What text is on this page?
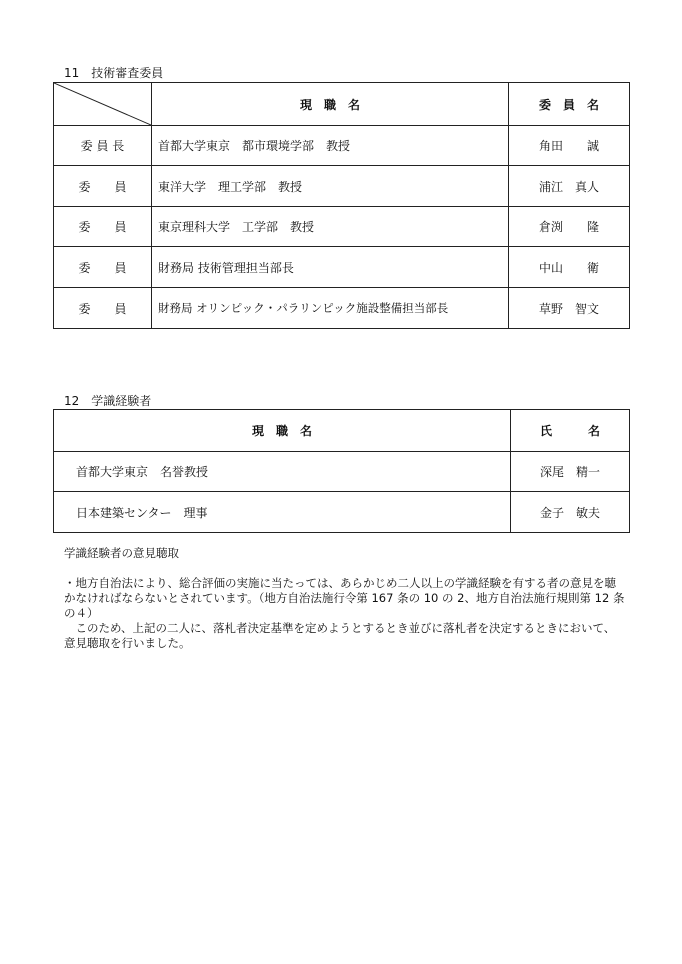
11　技術審査委員
	現　職　名	委　員　名
委 員 長	首都大学東京　都市環境学部　教授	角田　　誠
委　　員	東洋大学　理工学部　教授	浦江　真人
委　　員	東京理科大学　工学部　教授	倉渕　　隆
委　　員	財務局 技術管理担当部長	中山　　衛
委　　員	財務局 オリンピック・パラリンピック施設整備担当部長	草野　智文
12　学識経験者
現　職　名	氏　　　名
首都大学東京　名誉教授	深尾　精一
日本建築センター　理事	金子　敏夫

学識経験者の意見聴取

・地方自治法により、総合評価の実施に当たっては、あらかじめ二人以上の学識経験を有する者の意見を聴かなければならないとされています。（地方自治法施行令第 167 条の 10 の 2、地方自治法施行規則第 12 条の４）

このため、上記の二人に、落札者決定基準を定めようとするとき並びに落札者を決定するときにおいて、意見聴取を行いました。
